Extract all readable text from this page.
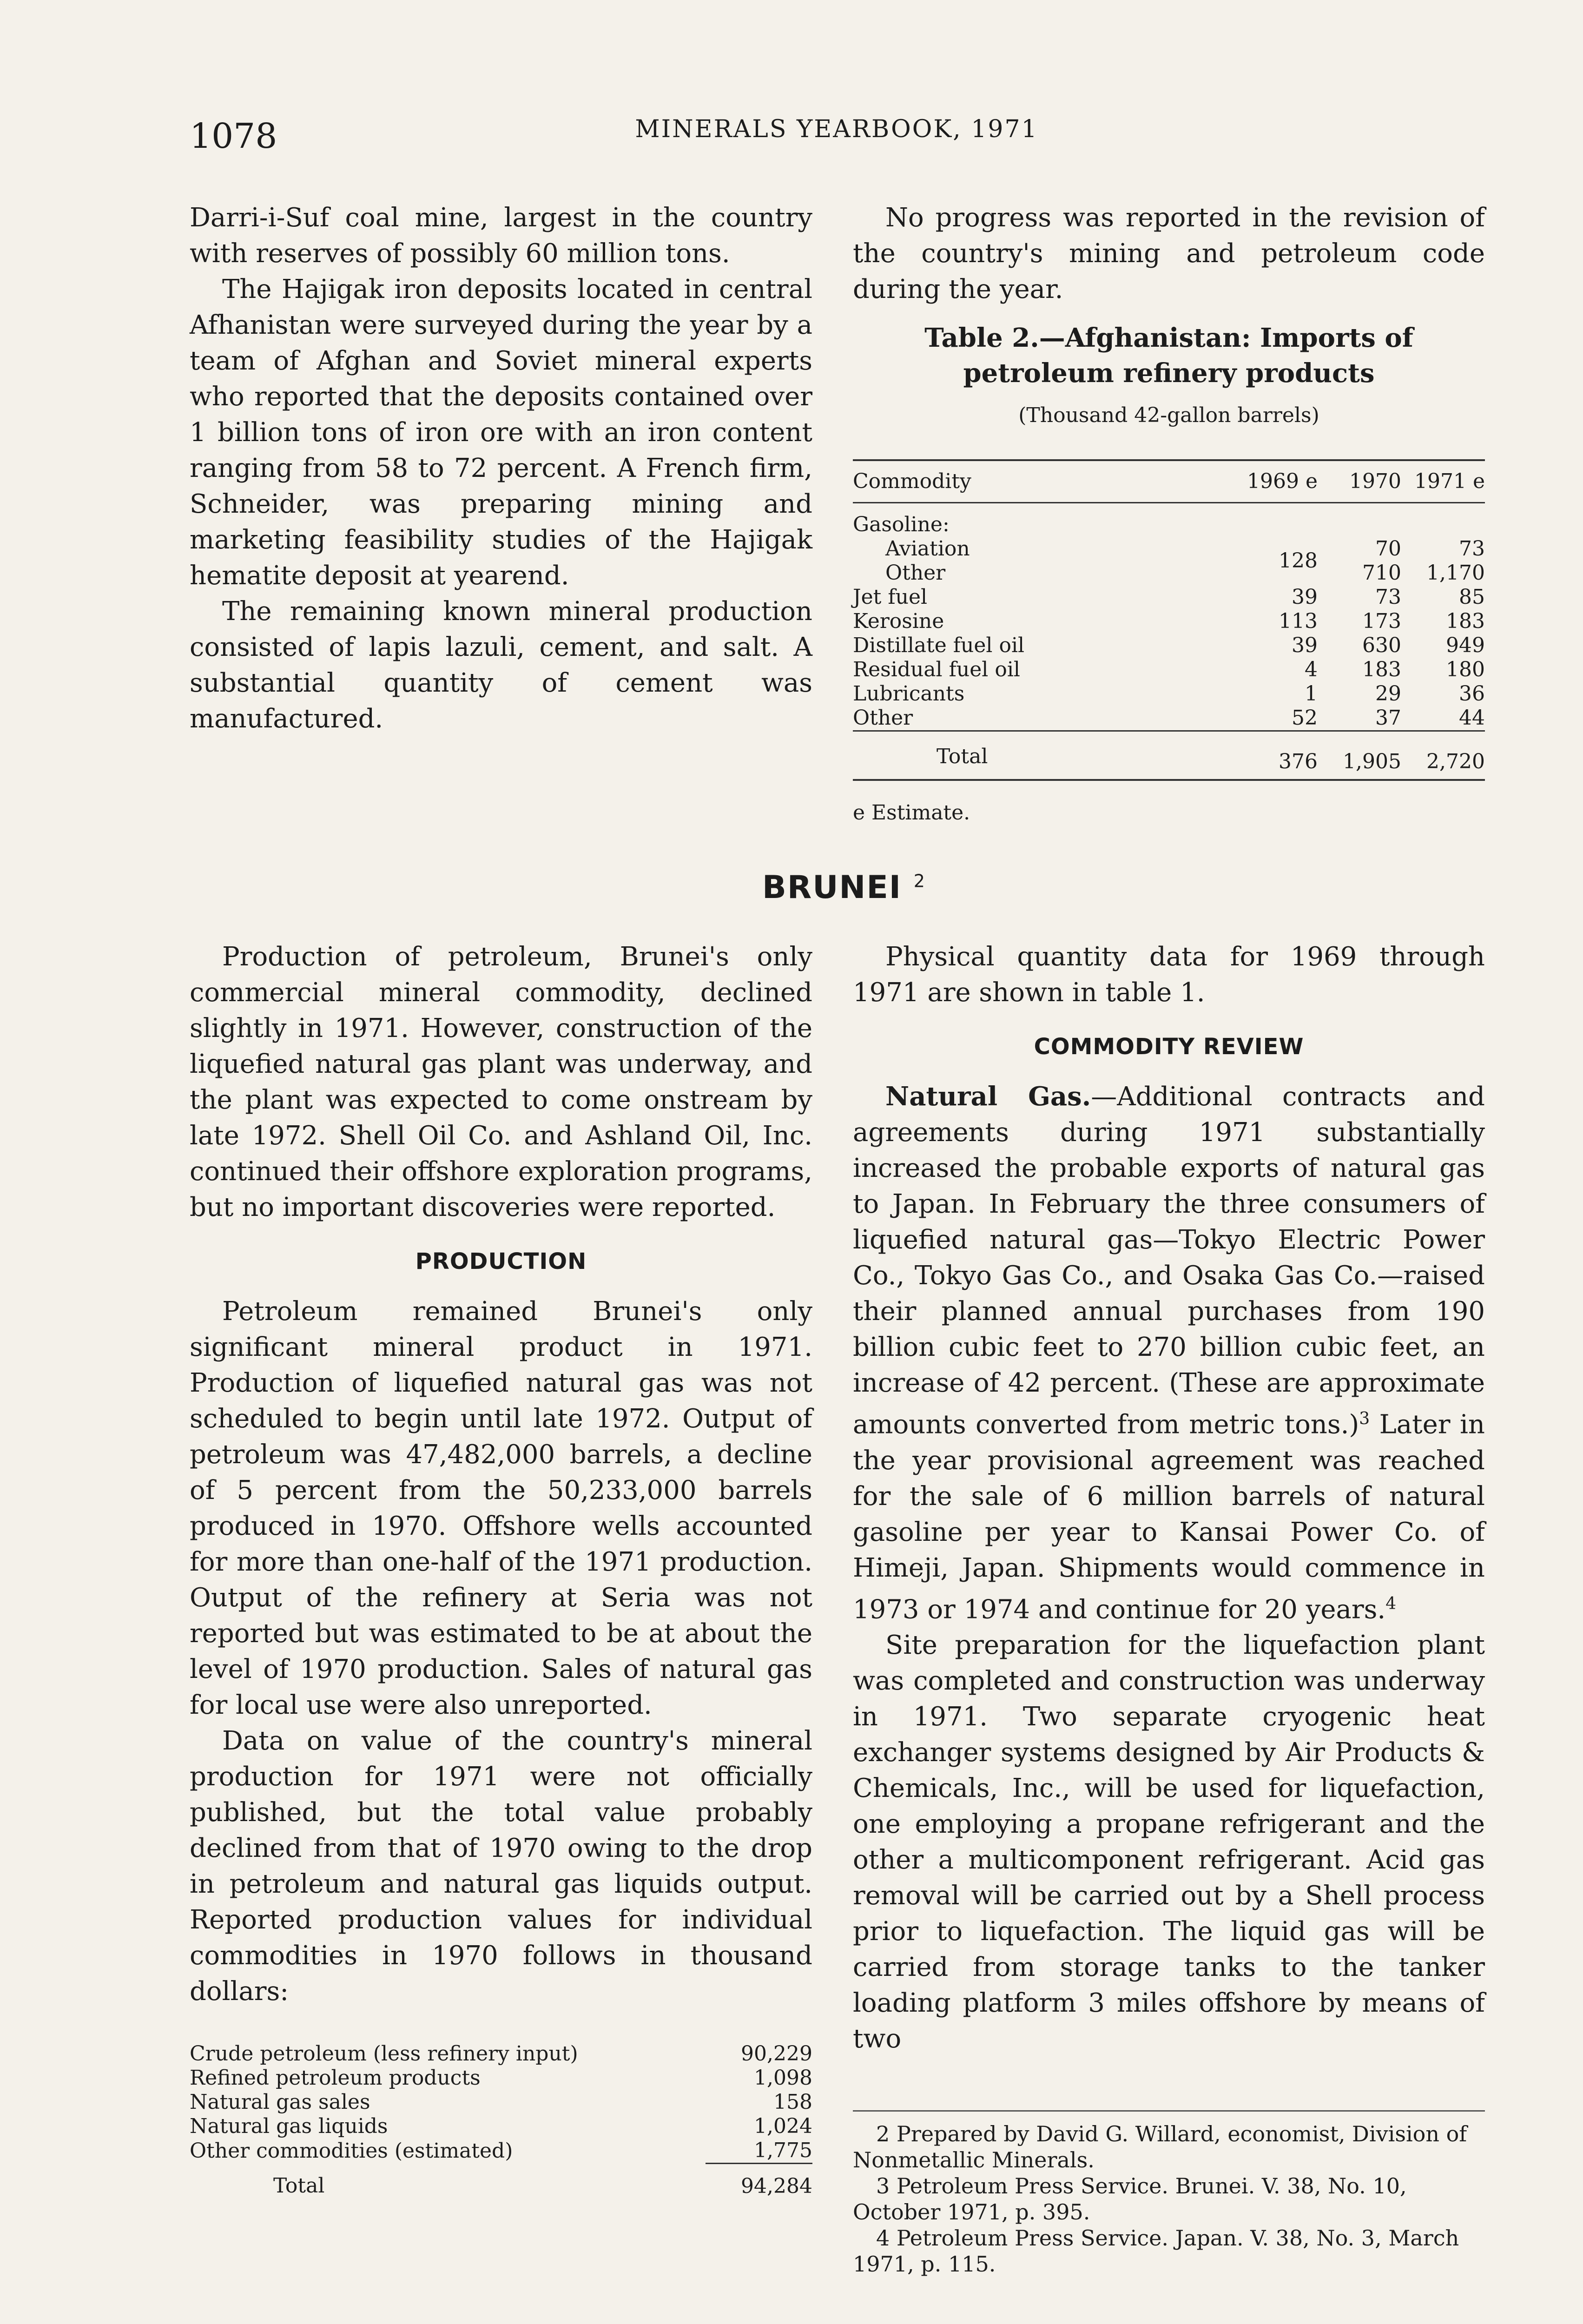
1078	MINERALS YEARBOOK, 1971

Darri-i-Suf coal mine, largest in the country with reserves of possibly 60 million tons.

The Hajigak iron deposits located in central Afhanistan were surveyed during the year by a team of Afghan and Soviet mineral experts who reported that the deposits contained over 1 billion tons of iron ore with an iron content ranging from 58 to 72 percent. A French firm, Schneider, was preparing mining and marketing feasibility studies of the Hajigak hematite deposit at yearend.

The remaining known mineral production consisted of lapis lazuli, cement, and salt. A substantial quantity of cement was manufactured.

No progress was reported in the revision of the country's mining and petroleum code during the year.

Table 2.—Afghanistan: Imports of petroleum refinery products
(Thousand 42-gallon barrels)
Commodity	1969 e	1970	1971 e
Gasoline:			
Aviation	128	70	73
Other		710	1,170
Jet fuel	39	73	85
Kerosine	113	173	183
Distillate fuel oil	39	630	949
Residual fuel oil	4	183	180
Lubricants	1	29	36
Other	52	37	44
Total	376	1,905	2,720
e Estimate.
BRUNEI $^2$

Production of petroleum, Brunei's only commercial mineral commodity, declined slightly in 1971. However, construction of the liquefied natural gas plant was underway, and the plant was expected to come onstream by late 1972. Shell Oil Co. and Ashland Oil, Inc. continued their offshore exploration programs, but no important discoveries were reported.

PRODUCTION

Petroleum remained Brunei's only significant mineral product in 1971. Production of liquefied natural gas was not scheduled to begin until late 1972. Output of petroleum was 47,482,000 barrels, a decline of 5 percent from the 50,233,000 barrels produced in 1970. Offshore wells accounted for more than one-half of the 1971 production. Output of the refinery at Seria was not reported but was estimated to be at about the level of 1970 production. Sales of natural gas for local use were also unreported.

Data on value of the country's mineral production for 1971 were not officially published, but the total value probably declined from that of 1970 owing to the drop in petroleum and natural gas liquids output. Reported production values for individual commodities in 1970 follows in thousand dollars:

Crude petroleum (less refinery input)	90,229
Refined petroleum products	1,098
Natural gas sales	158
Natural gas liquids	1,024
Other commodities (estimated)	1,775
Total	94,284

Physical quantity data for 1969 through 1971 are shown in table 1.

COMMODITY REVIEW

Natural Gas.—Additional contracts and agreements during 1971 substantially increased the probable exports of natural gas to Japan. In February the three consumers of liquefied natural gas—Tokyo Electric Power Co., Tokyo Gas Co., and Osaka Gas Co.—raised their planned annual purchases from 190 billion cubic feet to 270 billion cubic feet, an increase of 42 percent. (These are approximate amounts converted from metric tons.)$^3$ Later in the year provisional agreement was reached for the sale of 6 million barrels of natural gasoline per year to Kansai Power Co. of Himeji, Japan. Shipments would commence in 1973 or 1974 and continue for 20 years.$^4$

Site preparation for the liquefaction plant was completed and construction was underway in 1971. Two separate cryogenic heat exchanger systems designed by Air Products & Chemicals, Inc., will be used for liquefaction, one employing a propane refrigerant and the other a multicomponent refrigerant. Acid gas removal will be carried out by a Shell process prior to liquefaction. The liquid gas will be carried from storage tanks to the tanker loading platform 3 miles offshore by means of two

2 Prepared by David G. Willard, economist, Division of Nonmetallic Minerals.

3 Petroleum Press Service. Brunei. V. 38, No. 10, October 1971, p. 395.

4 Petroleum Press Service. Japan. V. 38, No. 3, March 1971, p. 115.
